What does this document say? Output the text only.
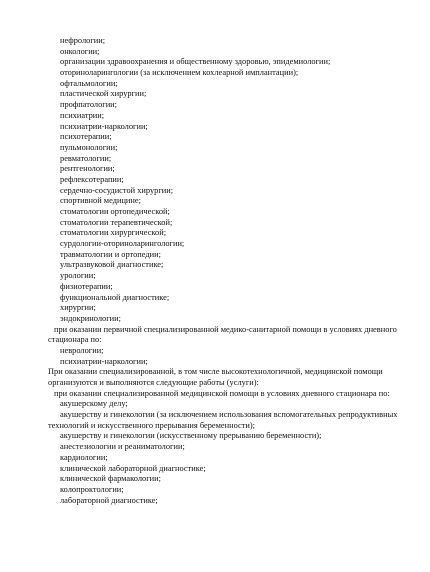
нефрологии;
онкологии;
организации здравоохранения и общественному здоровью, эпидемиологии;
оториноларингологии (за исключением кохлеарной имплантации);
офтальмологии;
пластической хирургии;
профпатологии;
психиатрии;
психиатрии-наркологии;
психотерапии;
пульмонологии;
ревматологии;
рентгенологии;
рефлексотерапии;
сердечно-сосудистой хирургии;
спортивной медицине;
стоматологии ортопедической;
стоматологии терапевтической;
стоматологии хирургической;
сурдологии-оториноларингологии;
травматологии и ортопедии;
ультразвуковой диагностике;
урологии;
физиотерапии;
функциональной диагностике;
хирургии;
эндокринологии;
при оказании первичной специализированной медико-санитарной помощи в условиях дневного
стационара по:
неврологии;
психиатрии-наркологии;
При оказании специализированной, в том числе высокотехнологичной, медицинской помощи
организуются и выполняются следующие работы (услуги):
при оказании специализированной медицинской помощи в условиях дневного стационара по:
акушерскому делу;
акушерству и гинекологии (за исключением использования вспомогательных репродуктивных
технологий и искусственного прерывания беременности);
акушерству и гинекологии (искусственному прерыванию беременности);
анестезиологии и реаниматологии;
кардиологии;
клинической лабораторной диагностике;
клинической фармакологии;
колопроктологии;
лабораторной диагностике;
